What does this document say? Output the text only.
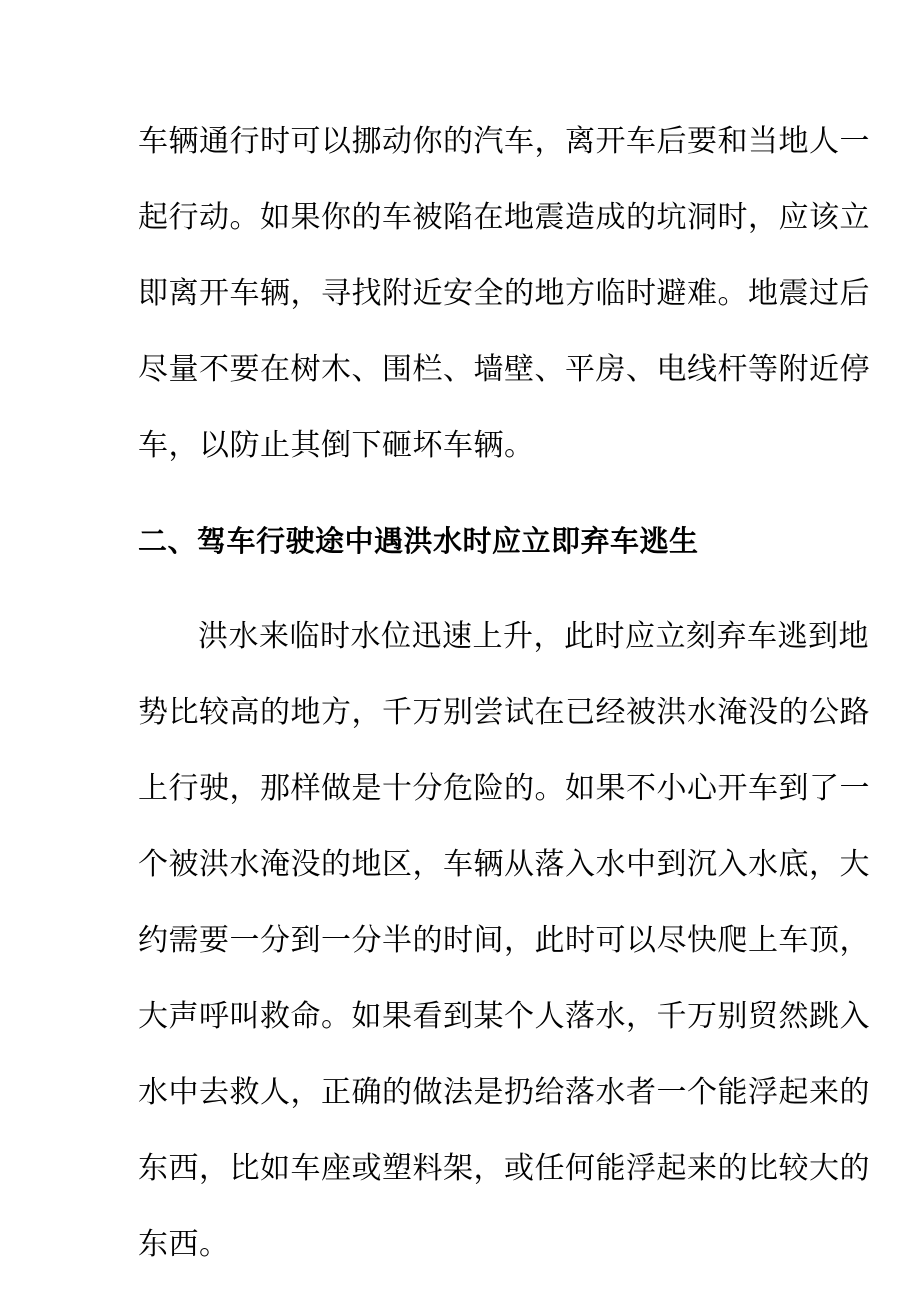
车辆通行时可以挪动你的汽车，离开车后要和当地人一
起行动。如果你的车被陷在地震造成的坑洞时，应该立
即离开车辆，寻找附近安全的地方临时避难。地震过后
尽量不要在树木、围栏、墙壁、平房、电线杆等附近停
车，以防止其倒下砸坏车辆。
二、驾车行驶途中遇洪水时应立即弃车逃生
洪水来临时水位迅速上升，此时应立刻弃车逃到地
势比较高的地方，千万别尝试在已经被洪水淹没的公路
上行驶，那样做是十分危险的。如果不小心开车到了一
个被洪水淹没的地区，车辆从落入水中到沉入水底，大
约需要一分到一分半的时间，此时可以尽快爬上车顶，
大声呼叫救命。如果看到某个人落水，千万别贸然跳入
水中去救人，正确的做法是扔给落水者一个能浮起来的
东西，比如车座或塑料架，或任何能浮起来的比较大的
东西。
